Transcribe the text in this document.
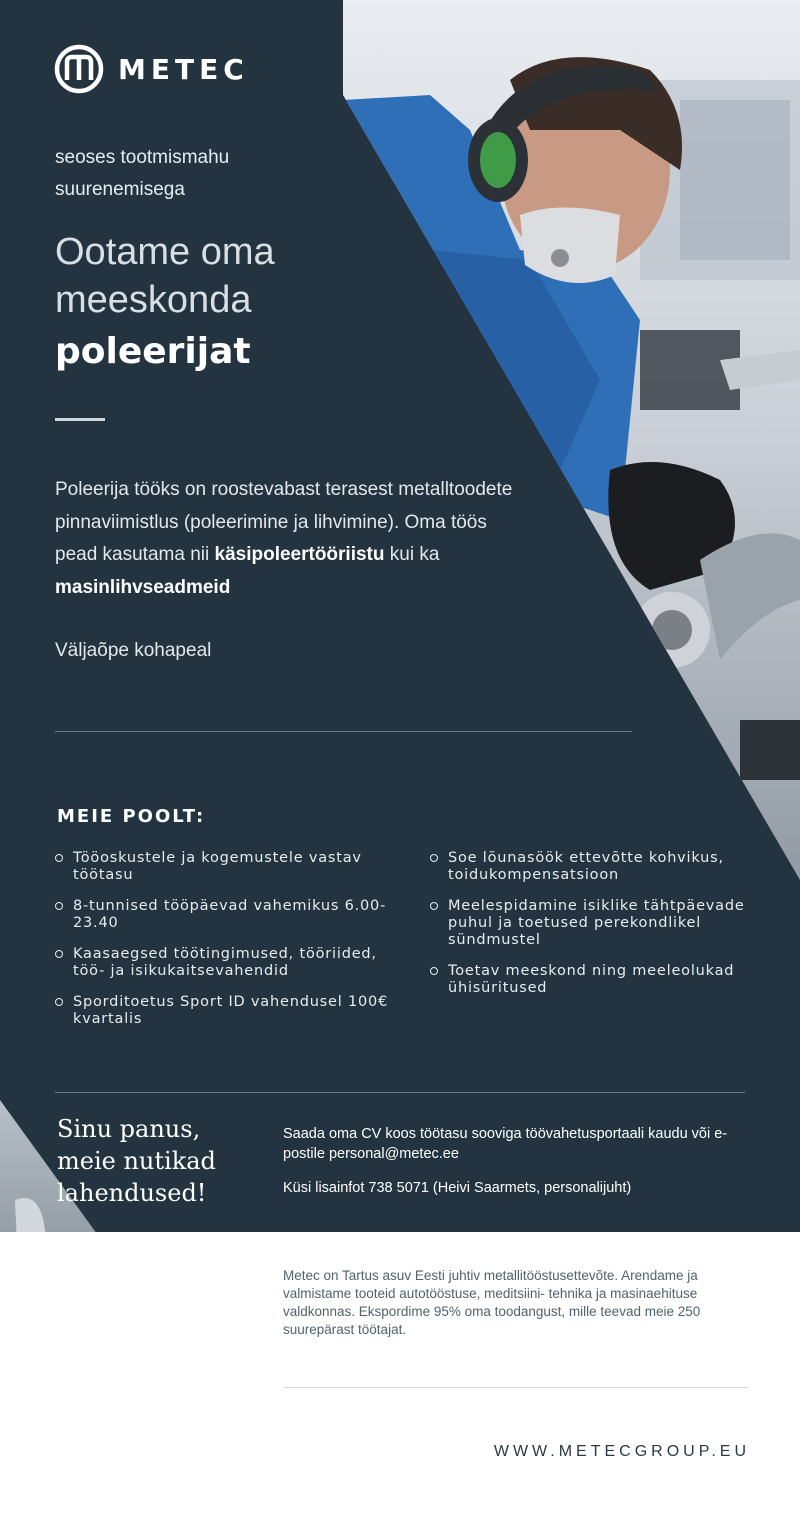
METEC
seoses tootmismahu
suurenemisega
Ootame oma
meeskonda
poleerijat
Poleerija tööks on roostevabast terasest metalltoodete pinnaviimistlus (poleerimine ja lihvimine). Oma töös pead kasutama nii käsipoleertööriistu kui ka masinlihvseadmeid
Väljaõpe kohapeal
MEIE POOLT:
Tööoskustele ja kogemustele vastav töötasu
8-tunnised tööpäevad vahemikus 6.00-23.40
Kaasaegsed töötingimused, tööriided, töö- ja isikukaitsevahendid
Sporditoetus Sport ID vahendusel 100€ kvartalis
Soe lõunasöök ettevõtte kohvikus, toidukompensatsioon
Meelespidamine isiklike tähtpäevade puhul ja toetused perekondlikel sündmustel
Toetav meeskond ning meeleolukad ühisüritused
Sinu panus,
meie nutikad
lahendused!

Saada oma CV koos töötasu sooviga töövahetusportaali kaudu või e-postile personal@metec.ee

Küsi lisainfot 738 5071 (Heivi Saarmets, personalijuht)

Metec on Tartus asuv Eesti juhtiv metallitööstusettevõte. Arendame ja valmistame tooteid autotööstuse, meditsiini- tehnika ja masinaehituse valdkonnas. Ekspordime 95% oma toodangust, mille teevad meie 250 suurepärast töötajat.
WWW.METECGROUP.EU
